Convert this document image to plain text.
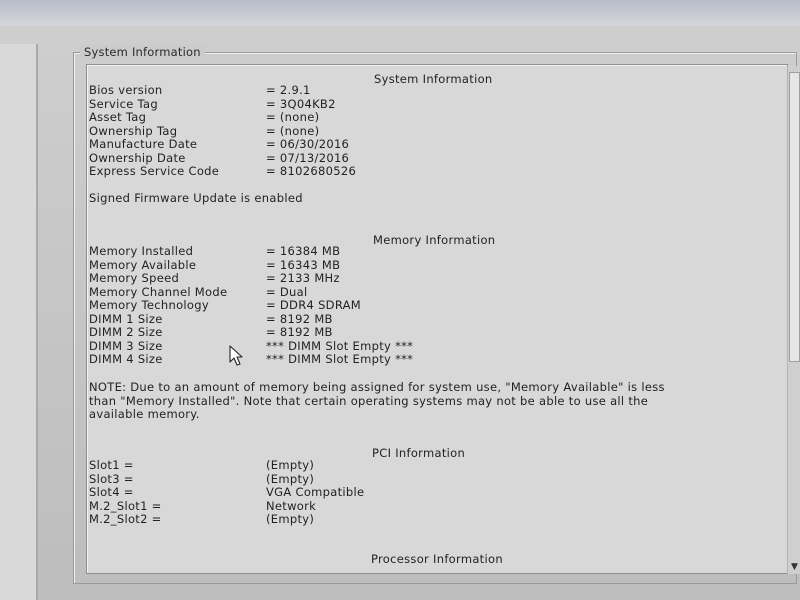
System Information
System Information
Bios version	= 2.9.1
Service Tag	= 3Q04KB2
Asset Tag	= (none)
Ownership Tag	= (none)
Manufacture Date	= 06/30/2016
Ownership Date	= 07/13/2016
Express Service Code	= 8102680526
Signed Firmware Update is enabled
Memory Information
Memory Installed	= 16384 MB
Memory Available	= 16343 MB
Memory Speed	= 2133 MHz
Memory Channel Mode	= Dual
Memory Technology	= DDR4 SDRAM
DIMM 1 Size	= 8192 MB
DIMM 2 Size	= 8192 MB
DIMM 3 Size	*** DIMM Slot Empty ***
DIMM 4 Size	*** DIMM Slot Empty ***
NOTE: Due to an amount of memory being assigned for system use, "Memory Available" is less
than "Memory Installed". Note that certain operating systems may not be able to use all the
available memory.
PCI Information
Slot1 =	(Empty)
Slot3 =	(Empty)
Slot4 =	VGA Compatible
M.2_Slot1 =	Network
M.2_Slot2 =	(Empty)
Processor Information
▼
